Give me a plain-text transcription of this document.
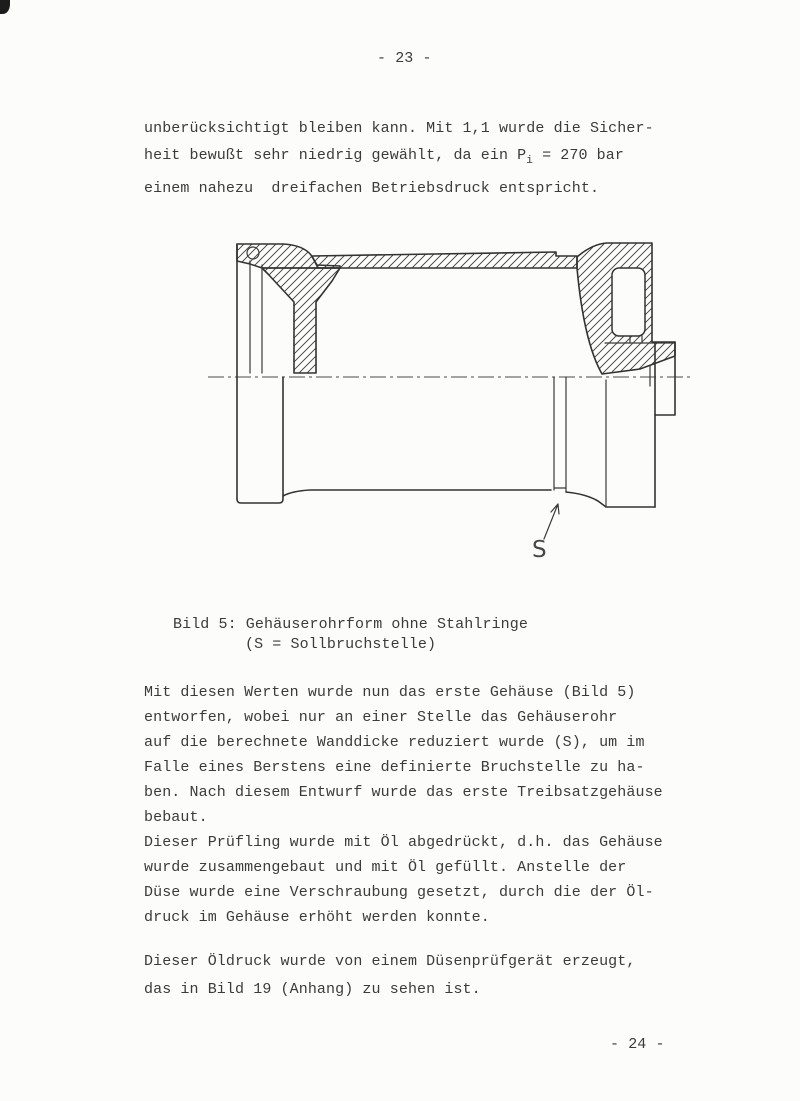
- 23 -
unberücksichtigt bleiben kann. Mit 1,1 wurde die Sicher-
heit bewußt sehr niedrig gewählt, da ein $P_i = 270$ bar
einem nahezu  dreifachen Betriebsdruck entspricht.
S
Bild 5: Gehäuserohrform ohne Stahlringe
(S = Sollbruchstelle)
Mit diesen Werten wurde nun das erste Gehäuse (Bild 5)
entworfen, wobei nur an einer Stelle das Gehäuserohr
auf die berechnete Wanddicke reduziert wurde (S), um im
Falle eines Berstens eine definierte Bruchstelle zu ha-
ben. Nach diesem Entwurf wurde das erste Treibsatzgehäuse
bebaut.
Dieser Prüfling wurde mit Öl abgedrückt, d.h. das Gehäuse
wurde zusammengebaut und mit Öl gefüllt. Anstelle der
Düse wurde eine Verschraubung gesetzt, durch die der Öl-
druck im Gehäuse erhöht werden konnte.
Dieser Öldruck wurde von einem Düsenprüfgerät erzeugt,
das in Bild 19 (Anhang) zu sehen ist.
- 24 -
